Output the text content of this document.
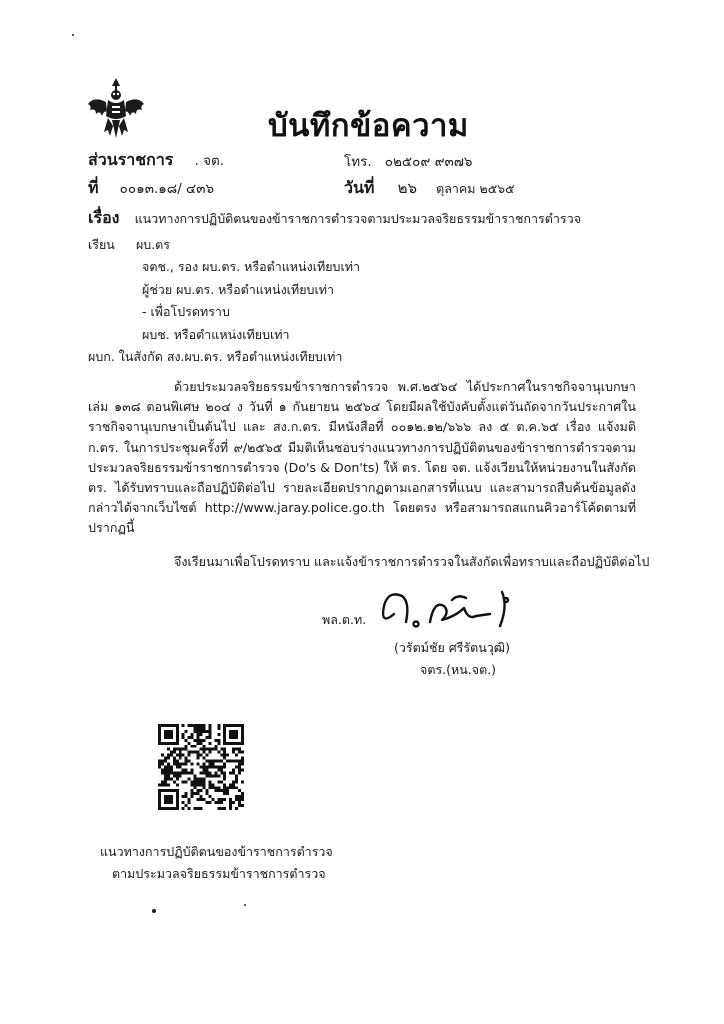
บันทึกข้อความ
ส่วนราชการ . จต.	โทร. ๐๒๕๐๙ ๙๓๗๖
ที่ ๐๐๑๓.๑๘/ ๔๓๖	วันที่ ๒๖ ตุลาคม ๒๕๖๕
เรื่อง แนวทางการปฏิบัติตนของข้าราชการตำรวจตามประมวลจริยธรรมข้าราชการตำรวจ
เรียน ผบ.ตร
จตช., รอง ผบ.ตร. หรือตำแหน่งเทียบเท่า
ผู้ช่วย ผบ.ตร. หรือตำแหน่งเทียบเท่า
- เพื่อโปรดทราบ
ผบช. หรือตำแหน่งเทียบเท่า
ผบก. ในสังกัด สง.ผบ.ตร. หรือตำแหน่งเทียบเท่า
ด้วยประมวลจริยธรรมข้าราชการตำรวจ พ.ศ.๒๕๖๔ ได้ประกาศในราชกิจจานุเบกษา เล่ม ๑๓๘ ตอนพิเศษ ๒๐๔ ง วันที่ ๑ กันยายน ๒๕๖๔ โดยมีผลใช้บังคับตั้งแต่วันถัดจากวันประกาศในราชกิจจานุเบกษาเป็นต้นไป และ สง.ก.ตร. มีหนังสือที่ ๐๐๑๒.๑๒/๖๖๖ ลง ๕ ต.ค.๖๕ เรื่อง แจ้งมติ ก.ตร. ในการประชุมครั้งที่ ๙/๒๕๖๕ มีมติเห็นชอบร่างแนวทางการปฏิบัติตนของข้าราชการตำรวจตามประมวลจริยธรรมข้าราชการตำรวจ (Do's & Don'ts) ให้ ตร. โดย จต. แจ้งเวียนให้หน่วยงานในสังกัด ตร. ได้รับทราบและถือปฏิบัติต่อไป รายละเอียดปรากฏตามเอกสารที่แนบ และสามารถสืบค้นข้อมูลดังกล่าวได้จากเว็บไซต์ http://www.jaray.police.go.th โดยตรง หรือสามารถสแกนคิวอาร์โค้ดตามที่ปรากฏนี้
จึงเรียนมาเพื่อโปรดทราบ และแจ้งข้าราชการตำรวจในสังกัดเพื่อทราบและถือปฏิบัติต่อไป
พล.ต.ท.
(วรัตม์ชัย ศรีรัตนวุฒิ)
จตร.(หน.จต.)
แนวทางการปฏิบัติตนของข้าราชการตำรวจ
ตามประมวลจริยธรรมข้าราชการตำรวจ
